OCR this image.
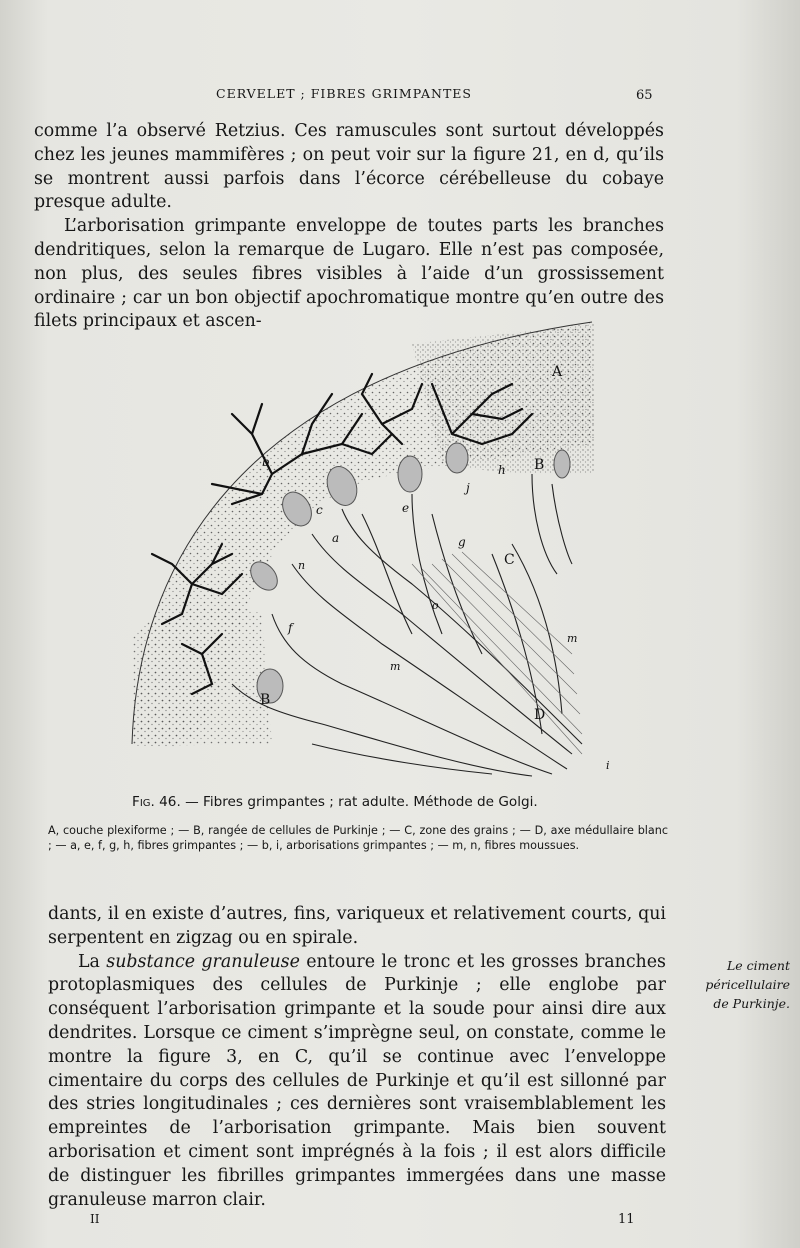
CERVELET ; FIBRES GRIMPANTES	65

comme l’a observé Retzius. Ces ramuscules sont surtout développés chez les jeunes mammifères ; on peut voir sur la figure 21, en d, qu’ils se montrent aussi parfois dans l’écorce cérébelleuse du cobaye presque adulte.

L’arborisation grimpante enveloppe de toutes parts les branches dendritiques, selon la remarque de Lugaro. Elle n’est pas composée, non plus, des seules fibres visibles à l’aide d’un grossissement ordinaire ; car un bon objectif apochromatique montre qu’en outre des filets principaux et ascen-

A
B
B
C
D
a
b
c	e
f
g
h
i
j
m
m
n
o
Fig. 46. — Fibres grimpantes ; rat adulte. Méthode de Golgi.
A, couche plexiforme ; — B, rangée de cellules de Purkinje ; — C, zone des grains ; — D, axe médullaire blanc ; — a, e, f, g, h, fibres grimpantes ; — b, i, arborisations grimpantes ; — m, n, fibres moussues.

dants, il en existe d’autres, fins, variqueux et relativement courts, qui serpentent en zigzag ou en spirale.

La substance granuleuse entoure le tronc et les grosses branches protoplasmiques des cellules de Purkinje ; elle englobe par conséquent l’arborisation grimpante et la soude pour ainsi dire aux dendrites. Lorsque ce ciment s’imprègne seul, on constate, comme le montre la figure 3, en C, qu’il se continue avec l’enveloppe cimentaire du corps des cellules de Purkinje et qu’il est sillonné par des stries longitudinales ; ces dernières sont vraisemblablement les empreintes de l’arborisation grimpante. Mais bien souvent arborisation et ciment sont imprégnés à la fois ; il est alors difficile de distinguer les fibrilles grimpantes immergées dans une masse granuleuse marron clair.

Le ciment péricellulaire de Purkinje.
II	11
